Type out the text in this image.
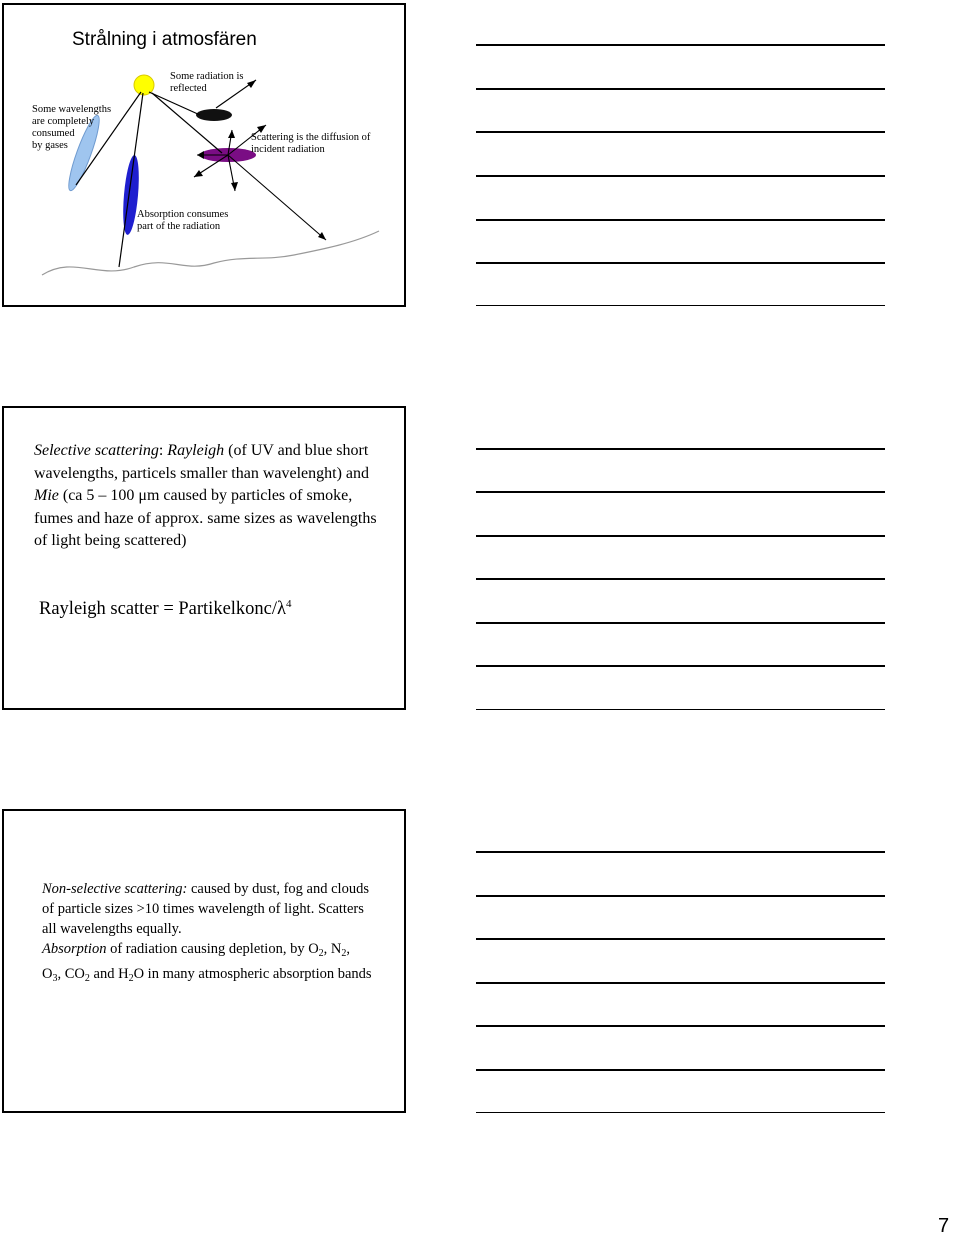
Strålning i atmosfären
Some wavelengths
are completely
consumed
by gases
Some radiation is
reflected
Scattering is the diffusion of
incident radiation
Absorption consumes
part of the radiation
Selective scattering: Rayleigh (of UV and blue short wavelengths, particels smaller than wavelenght) and Mie (ca 5 – 100 μm caused by particles of smoke, fumes and haze of approx. same sizes as wavelengths of light being scattered)
Rayleigh scatter = Partikelkonc/$\lambda^4$
Non-selective scattering: caused by dust, fog and clouds of particle sizes >10 times wavelength of light. Scatters all wavelengths equally.
Absorption of radiation causing depletion, by $O_2$, $N_2$, $O_3$, $CO_2$ and $H_2O$ in many atmospheric absorption bands
7
